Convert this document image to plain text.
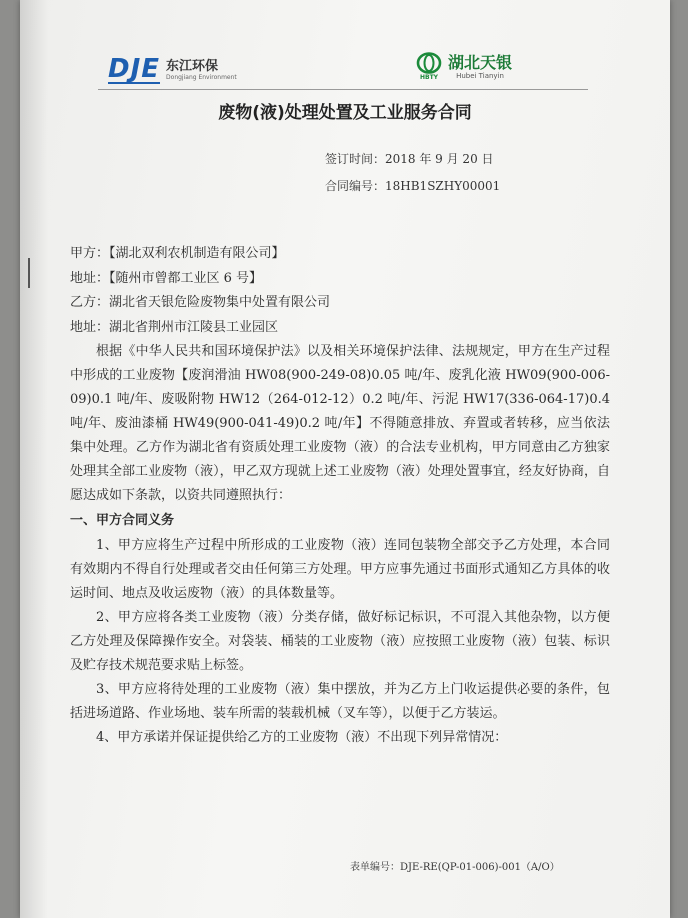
DJE 东江环保
Dongjiang Environment	HBTY
湖北天银
Hubei Tianyin
废物(液)处理处置及工业服务合同
签订时间：2018 年 9 月 20 日
合同编号：18HB1SZHY00001
甲方：【湖北双利农机制造有限公司】
地址：【随州市曾都工业区 6 号】
乙方：湖北省天银危险废物集中处置有限公司
地址：湖北省荆州市江陵县工业园区

根据《中华人民共和国环境保护法》以及相关环境保护法律、法规规定，甲方在生产过程中形成的工业废物【废润滑油 HW08(900-249-08)0.05 吨/年、废乳化液 HW09(900-006-09)0.1 吨/年、废吸附物 HW12（264-012-12）0.2 吨/年、污泥 HW17(336-064-17)0.4 吨/年、废油漆桶 HW49(900-041-49)0.2 吨/年】不得随意排放、弃置或者转移，应当依法集中处理。乙方作为湖北省有资质处理工业废物（液）的合法专业机构，甲方同意由乙方独家处理其全部工业废物（液），甲乙双方现就上述工业废物（液）处理处置事宜，经友好协商，自愿达成如下条款，以资共同遵照执行：

一、甲方合同义务

1、甲方应将生产过程中所形成的工业废物（液）连同包装物全部交予乙方处理，本合同有效期内不得自行处理或者交由任何第三方处理。甲方应事先通过书面形式通知乙方具体的收运时间、地点及收运废物（液）的具体数量等。

2、甲方应将各类工业废物（液）分类存储，做好标记标识，不可混入其他杂物，以方便乙方处理及保障操作安全。对袋装、桶装的工业废物（液）应按照工业废物（液）包装、标识及贮存技术规范要求贴上标签。

3、甲方应将待处理的工业废物（液）集中摆放，并为乙方上门收运提供必要的条件，包括进场道路、作业场地、装车所需的装载机械（叉车等），以便于乙方装运。

4、甲方承诺并保证提供给乙方的工业废物（液）不出现下列异常情况：

表单编号：DJE-RE(QP-01-006)-001（A/O）
